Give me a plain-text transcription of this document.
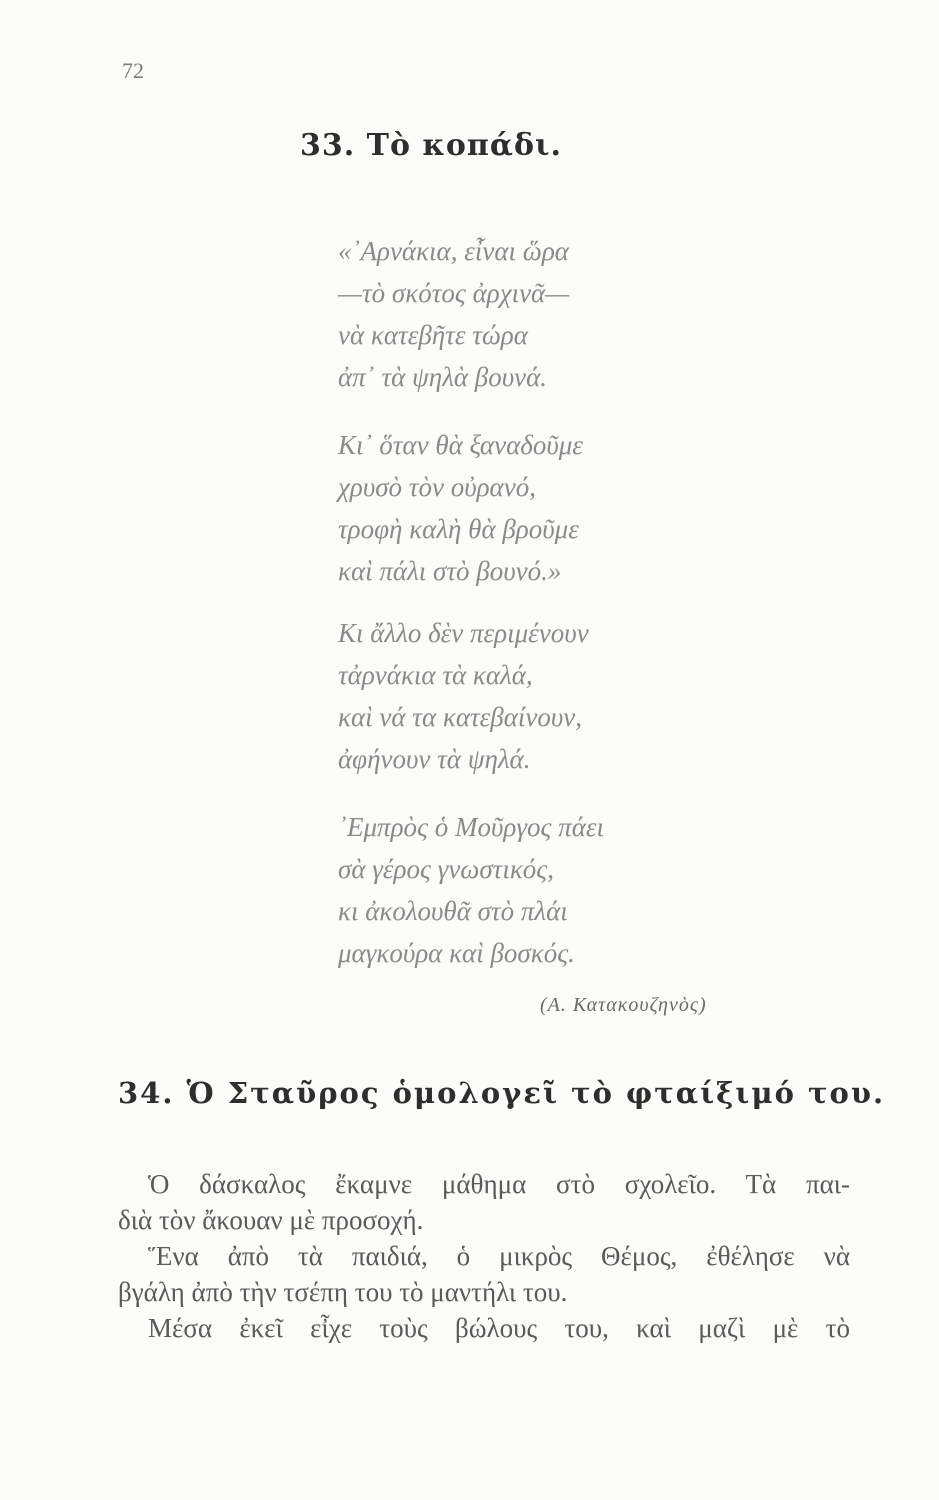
72
33. Τὸ κοπάδι.
«᾿Αρνάκια, εἶναι ὥρα
—τὸ σκότος ἀρχινᾶ—
νὰ κατεβῆτε τώρα
ἀπ᾿ τὰ ψηλὰ βουνά.
Κι᾿ ὅταν θὰ ξαναδοῦμε
χρυσὸ τὸν οὐρανό,
τροφὴ καλὴ θὰ βροῦμε
καὶ πάλι στὸ βουνό.»
Κι ἄλλο δὲν περιμένουν
τἀρνάκια τὰ καλά,
καὶ νά τα κατεβαίνουν,
ἀφήνουν τὰ ψηλά.
᾿Εμπρὸς ὁ Μοῦργος πάει
σὰ γέρος γνωστικός,
κι ἀκολουθᾶ στὸ πλάι
μαγκούρα καὶ βοσκός.
(Α. Κατακουζηνὸς)
34. Ὁ Σταῦρος ὁμολογεῖ τὸ φταίξιμό του.
Ὁ δάσκαλος ἔκαμνε μάθημα στὸ σχολεῖο. Τὰ παι-
διὰ τὸν ἄκουαν μὲ προσοχή.
Ἕνα ἀπὸ τὰ παιδιά, ὁ μικρὸς Θέμος, ἐθέλησε νὰ
βγάλη ἀπὸ τὴν τσέπη του τὸ μαντήλι του.
Μέσα ἐκεῖ εἶχε τοὺς βώλους του, καὶ μαζὶ μὲ τὸ
